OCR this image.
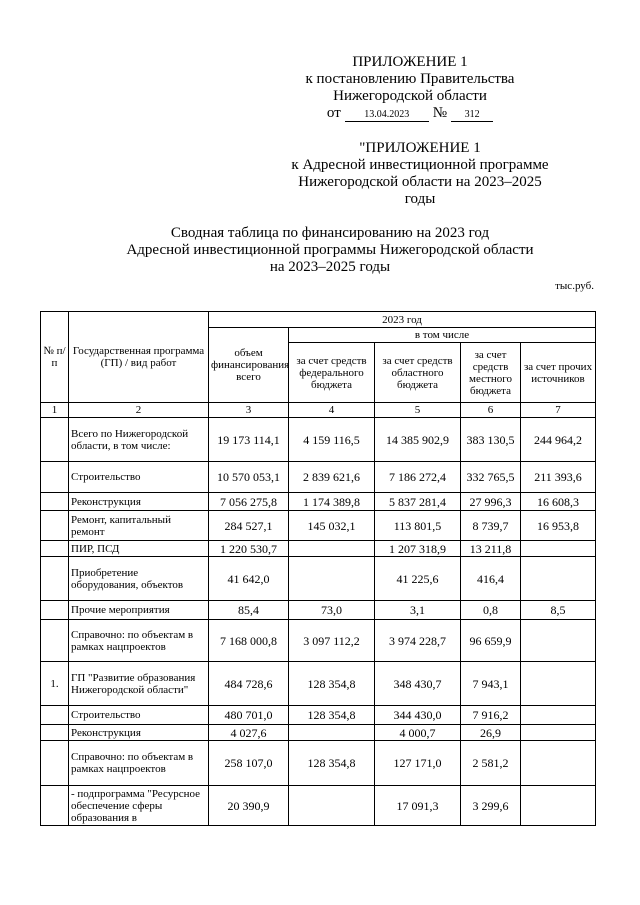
ПРИЛОЖЕНИЕ 1
к постановлению Правительства
Нижегородской области
от	13.04.2023	№	312
"ПРИЛОЖЕНИЕ 1
к Адресной инвестиционной программе
Нижегородской области на 2023–2025
годы
Сводная таблица по финансированию на 2023 год
Адресной инвестиционной программы Нижегородской области
на 2023–2025 годы
тыс.руб.
№ п/п	Государственная программа (ГП) / вид работ	2023 год				
		объем финансирования всего	в том числе			
			за счет средств федерального бюджета	за счет средств областного бюджета	за счет средств местного бюджета	за счет прочих источников
1	2	3	4	5	6	7
	Всего по Нижегородской области, в том числе:	19 173 114,1	4 159 116,5	14 385 902,9	383 130,5	244 964,2
	Строительство	10 570 053,1	2 839 621,6	7 186 272,4	332 765,5	211 393,6
	Реконструкция	7 056 275,8	1 174 389,8	5 837 281,4	27 996,3	16 608,3
	Ремонт, капитальный ремонт	284 527,1	145 032,1	113 801,5	8 739,7	16 953,8
	ПИР, ПСД	1 220 530,7		1 207 318,9	13 211,8	
	Приобретение оборудования, объектов	41 642,0		41 225,6	416,4	
	Прочие мероприятия	85,4	73,0	3,1	0,8	8,5
	Справочно: по объектам в рамках нацпроектов	7 168 000,8	3 097 112,2	3 974 228,7	96 659,9	
1.	ГП "Развитие образования Нижегородской области"	484 728,6	128 354,8	348 430,7	7 943,1	
	Строительство	480 701,0	128 354,8	344 430,0	7 916,2	
	Реконструкция	4 027,6		4 000,7	26,9	
	Справочно: по объектам в рамках нацпроектов	258 107,0	128 354,8	127 171,0	2 581,2	
	- подпрограмма "Ресурсное обеспечение сферы образования в	20 390,9		17 091,3	3 299,6	
